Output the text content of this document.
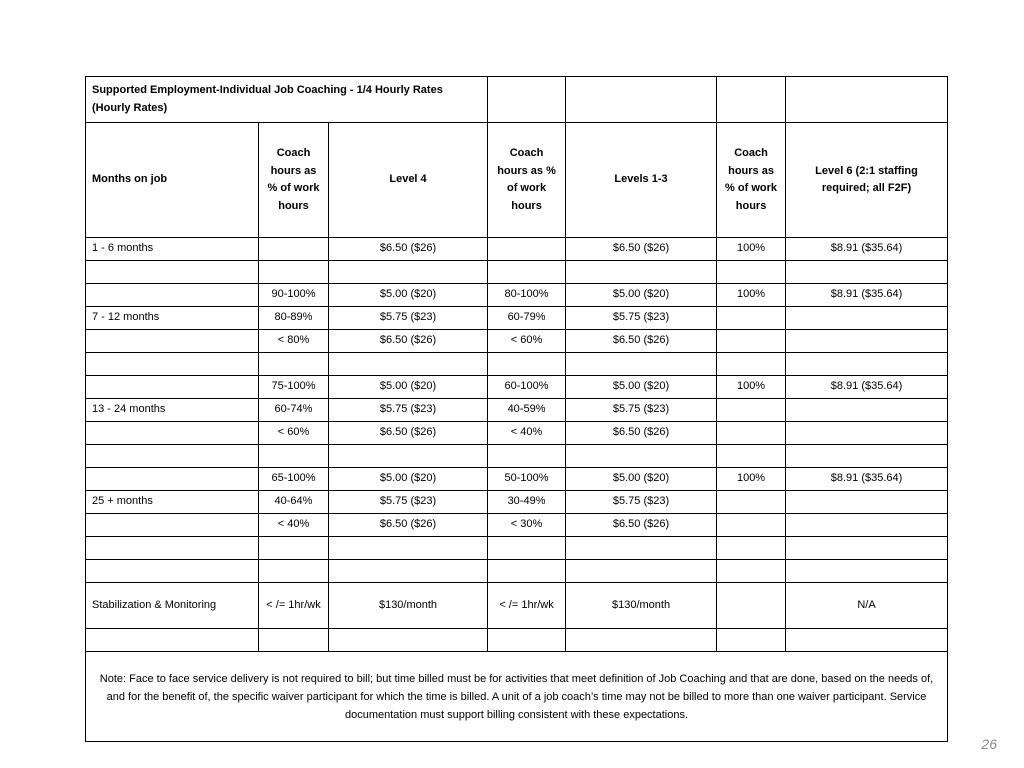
Supported Employment-Individual Job Coaching - 1/4 Hourly Rates (Hourly Rates)						
Months on job	Coach hours as % of work hours	Level 4	Coach hours as % of work hours	Levels 1-3	Coach hours as % of work hours	Level 6 (2:1 staffing required; all F2F)
1 - 6 months		$6.50 ($26)		$6.50 ($26)	100%	$8.91 ($35.64)

	90-100%	$5.00 ($20)	80-100%	$5.00 ($20)	100%	$8.91 ($35.64)
7 - 12 months	80-89%	$5.75 ($23)	60-79%	$5.75 ($23)		
	< 80%	$6.50 ($26)	< 60%	$6.50 ($26)		

	75-100%	$5.00 ($20)	60-100%	$5.00 ($20)	100%	$8.91 ($35.64)
13 - 24 months	60-74%	$5.75 ($23)	40-59%	$5.75 ($23)		
	< 60%	$6.50 ($26)	< 40%	$6.50 ($26)		

	65-100%	$5.00 ($20)	50-100%	$5.00 ($20)	100%	$8.91 ($35.64)
25 + months	40-64%	$5.75 ($23)	30-49%	$5.75 ($23)		
	< 40%	$6.50 ($26)	< 30%	$6.50 ($26)		

Stabilization & Monitoring	< /= 1hr/wk	$130/month	< /= 1hr/wk	$130/month		N/A

Note: Face to face service delivery is not required to bill; but time billed must be for activities that meet definition of Job Coaching and that are done, based on the needs of, and for the benefit of, the specific waiver participant for which the time is billed. A unit of a job coach’s time may not be billed to more than one waiver participant. Service documentation must support billing consistent with these expectations.						
26
